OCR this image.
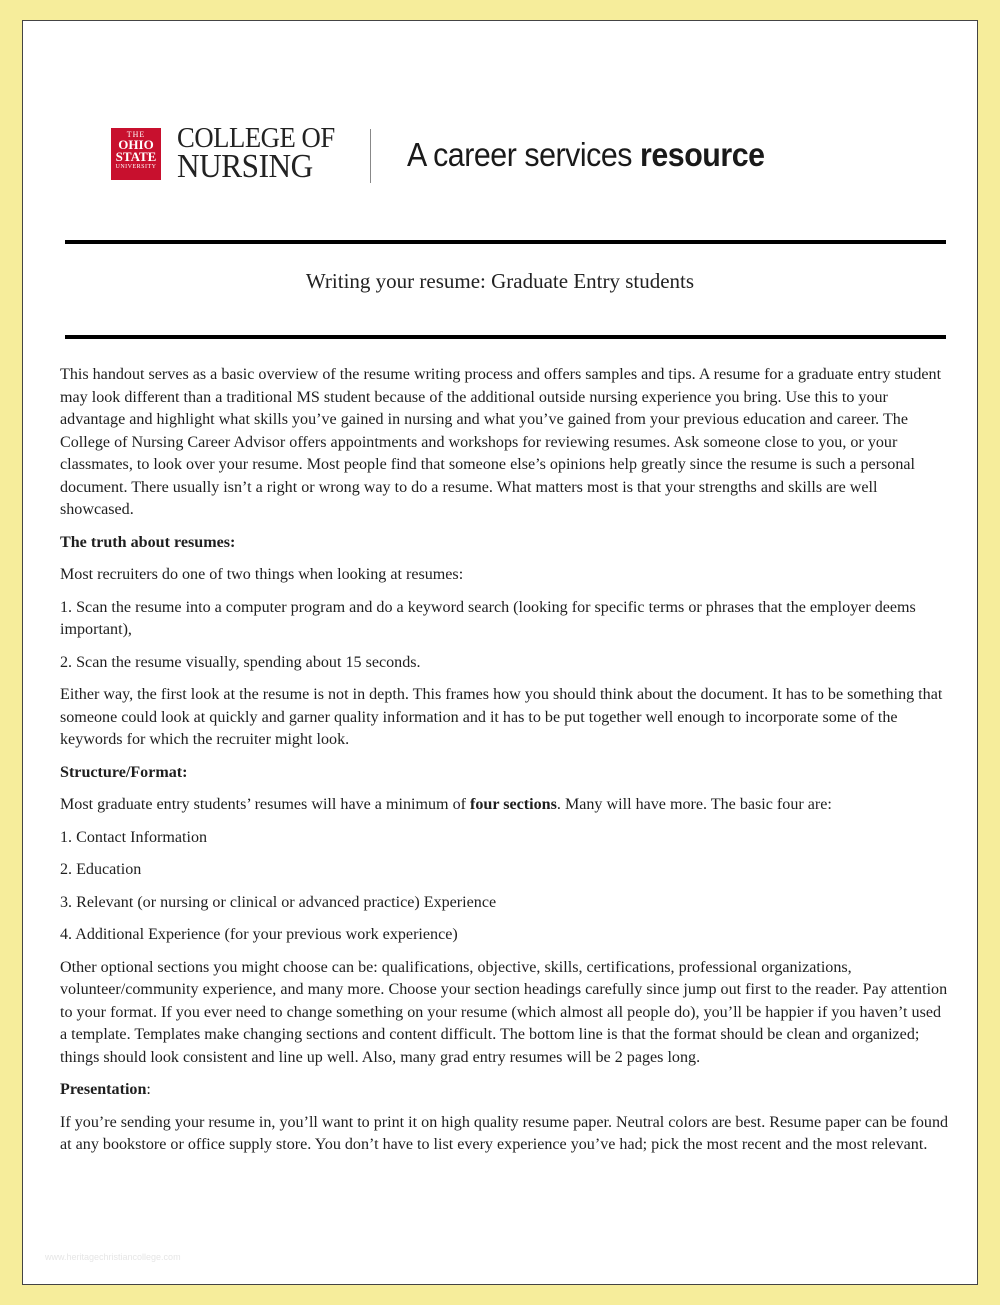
THE
OHIO
STATE
UNIVERSITY
COLLEGE OF
NURSING	A career services resource
Writing your resume: Graduate Entry students

This handout serves as a basic overview of the resume writing process and offers samples and tips. A resume for a graduate entry student may look different than a traditional MS student because of the additional outside nursing experience you bring. Use this to your advantage and highlight what skills you’ve gained in nursing and what you’ve gained from your previous education and career. The College of Nursing Career Advisor offers appointments and workshops for reviewing resumes. Ask someone close to you, or your classmates, to look over your resume. Most people find that someone else’s opinions help greatly since the resume is such a personal document. There usually isn’t a right or wrong way to do a resume. What matters most is that your strengths and skills are well showcased.

The truth about resumes:

Most recruiters do one of two things when looking at resumes:

1. Scan the resume into a computer program and do a keyword search (looking for specific terms or phrases that the employer deems important),

2. Scan the resume visually, spending about 15 seconds.

Either way, the first look at the resume is not in depth. This frames how you should think about the document. It has to be something that someone could look at quickly and garner quality information and it has to be put together well enough to incorporate some of the keywords for which the recruiter might look.

Structure/Format:

Most graduate entry students’ resumes will have a minimum of four sections. Many will have more. The basic four are:

1. Contact Information

2. Education

3. Relevant (or nursing or clinical or advanced practice) Experience

4. Additional Experience (for your previous work experience)

Other optional sections you might choose can be: qualifications, objective, skills, certifications, professional organizations, volunteer/community experience, and many more. Choose your section headings carefully since jump out first to the reader. Pay attention to your format. If you ever need to change something on your resume (which almost all people do), you’ll be happier if you haven’t used a template. Templates make changing sections and content difficult. The bottom line is that the format should be clean and organized; things should look consistent and line up well. Also, many grad entry resumes will be 2 pages long.

Presentation:

If you’re sending your resume in, you’ll want to print it on high quality resume paper. Neutral colors are best. Resume paper can be found at any bookstore or office supply store. You don’t have to list every experience you’ve had; pick the most recent and the most relevant.

www.heritagechristiancollege.com
